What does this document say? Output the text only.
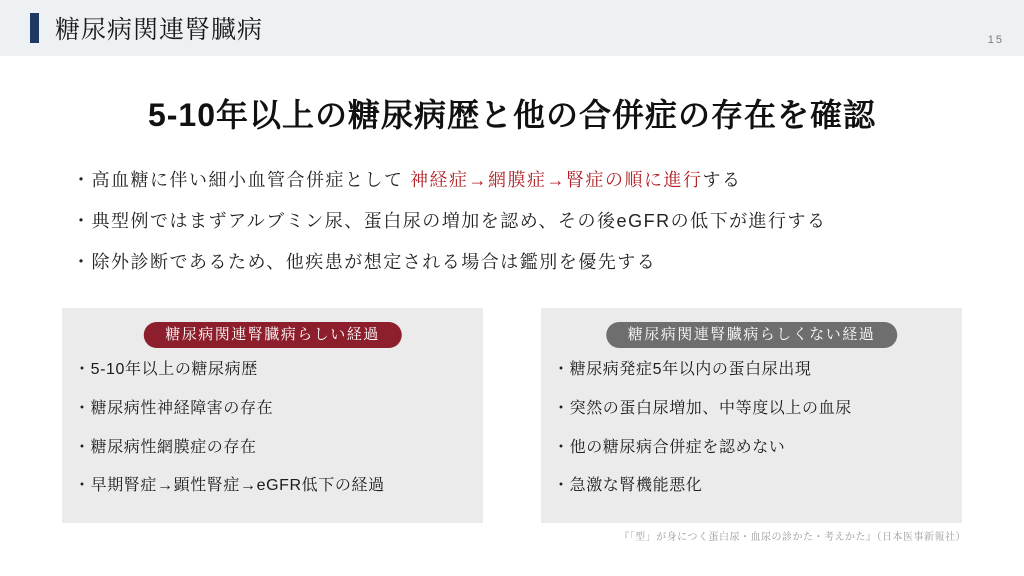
糖尿病関連腎臓病	15
5-10年以上の糖尿病歴と他の合併症の存在を確認
・高血糖に伴い細小血管合併症として 神経症→網膜症→腎症の順に進行する
・典型例ではまずアルブミン尿、蛋白尿の増加を認め、その後eGFRの低下が進行する
・除外診断であるため、他疾患が想定される場合は鑑別を優先する
糖尿病関連腎臓病らしい経過
・5-10年以上の糖尿病歴
・糖尿病性神経障害の存在
・糖尿病性網膜症の存在
・早期腎症→顕性腎症→eGFR低下の経過
糖尿病関連腎臓病らしくない経過
・糖尿病発症5年以内の蛋白尿出現
・突然の蛋白尿増加、中等度以上の血尿
・他の糖尿病合併症を認めない
・急激な腎機能悪化
『「型」が身につく蛋白尿・血尿の診かた・考えかた』（日本医事新報社）
